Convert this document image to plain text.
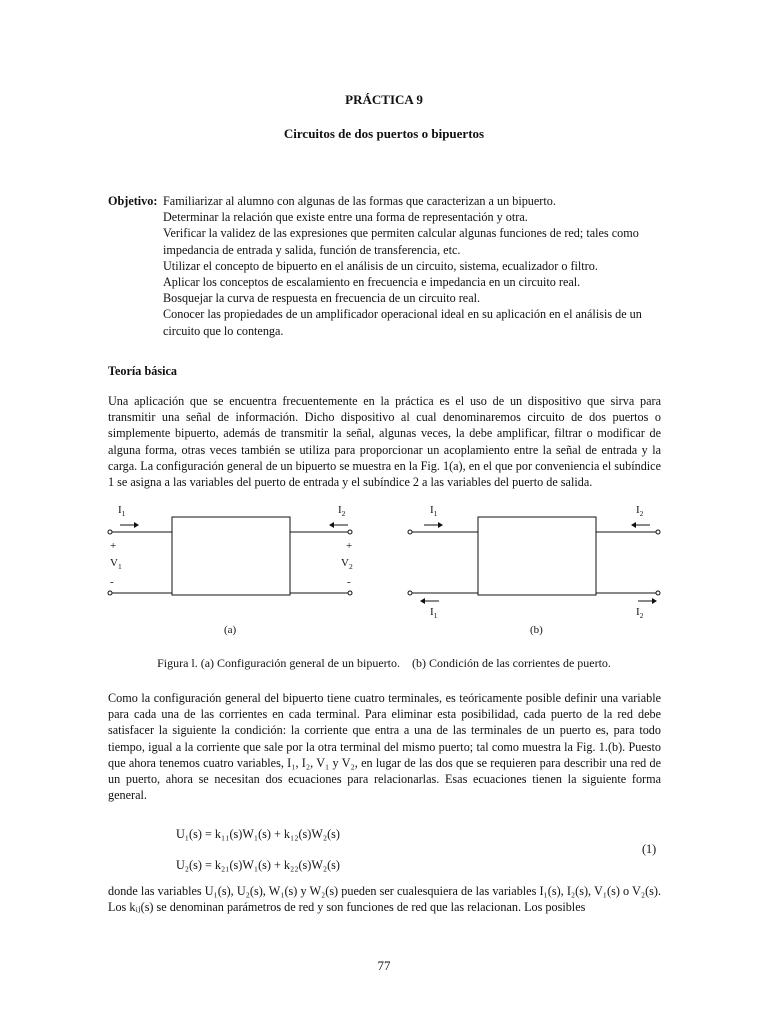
PRÁCTICA 9
Circuitos de dos puertos o bipuertos
Objetivo: Familiarizar al alumno con algunas de las formas que caracterizan a un bipuerto.
Determinar la relación que existe entre una forma de representación y otra.
Verificar la validez de las expresiones que permiten calcular algunas funciones de red; tales como impedancia de entrada y salida, función de transferencia, etc.
Utilizar el concepto de bipuerto en el análisis de un circuito, sistema, ecualizador o filtro.
Aplicar los conceptos de escalamiento en frecuencia e impedancia en un circuito real.
Bosquejar la curva de respuesta en frecuencia de un circuito real.
Conocer las propiedades de un amplificador operacional ideal en su aplicación en el análisis de un circuito que lo contenga.
Teoría básica
Una aplicación que se encuentra frecuentemente en la práctica es el uso de un dispositivo que sirva para transmitir una señal de información. Dicho dispositivo al cual denominaremos circuito de dos puertos o simplemente bipuerto, además de transmitir la señal, algunas veces, la debe amplificar, filtrar o modificar de alguna forma, otras veces también se utiliza para proporcionar un acoplamiento entre la señal de entrada y la carga. La configuración general de un bipuerto se muestra en la Fig. 1(a), en el que por conveniencia el subíndice 1 se asigna a las variables del puerto de entrada y el subíndice 2 a las variables del puerto de salida.
$I_1$	$I_2$
+	+
$V_1$	$V_2$
-	-
(a)
$I_1$	$I_2$
$I_1$	$I_2$
(b)
Figura l. (a) Configuración general de un bipuerto.    (b) Condición de las corrientes de puerto.
Como la configuración general del bipuerto tiene cuatro terminales, es teóricamente posible definir una variable para cada una de las corrientes en cada terminal. Para eliminar esta posibilidad, cada puerto de la red debe satisfacer la siguiente la condición: la corriente que entra a una de las terminales de un puerto es, para todo tiempo, igual a la corriente que sale por la otra terminal del mismo puerto; tal como muestra la Fig. 1.(b). Puesto que ahora tenemos cuatro variables, I₁, I₂, V₁ y V₂, en lugar de las dos que se requieren para describir una red de un puerto, ahora se necesitan dos ecuaciones para relacionarlas. Esas ecuaciones tienen la siguiente forma general.
U₁(s) = k₁₁(s)W₁(s) + k₁₂(s)W₂(s)
U₂(s) = k₂₁(s)W₁(s) + k₂₂(s)W₂(s)
(1)
donde las variables U₁(s), U₂(s), W₁(s) y W₂(s) pueden ser cualesquiera de las variables I₁(s), I₂(s), V₁(s) o V₂(s). Los kᵢⱼ(s) se denominan parámetros de red y son funciones de red que las relacionan. Los posibles
77
